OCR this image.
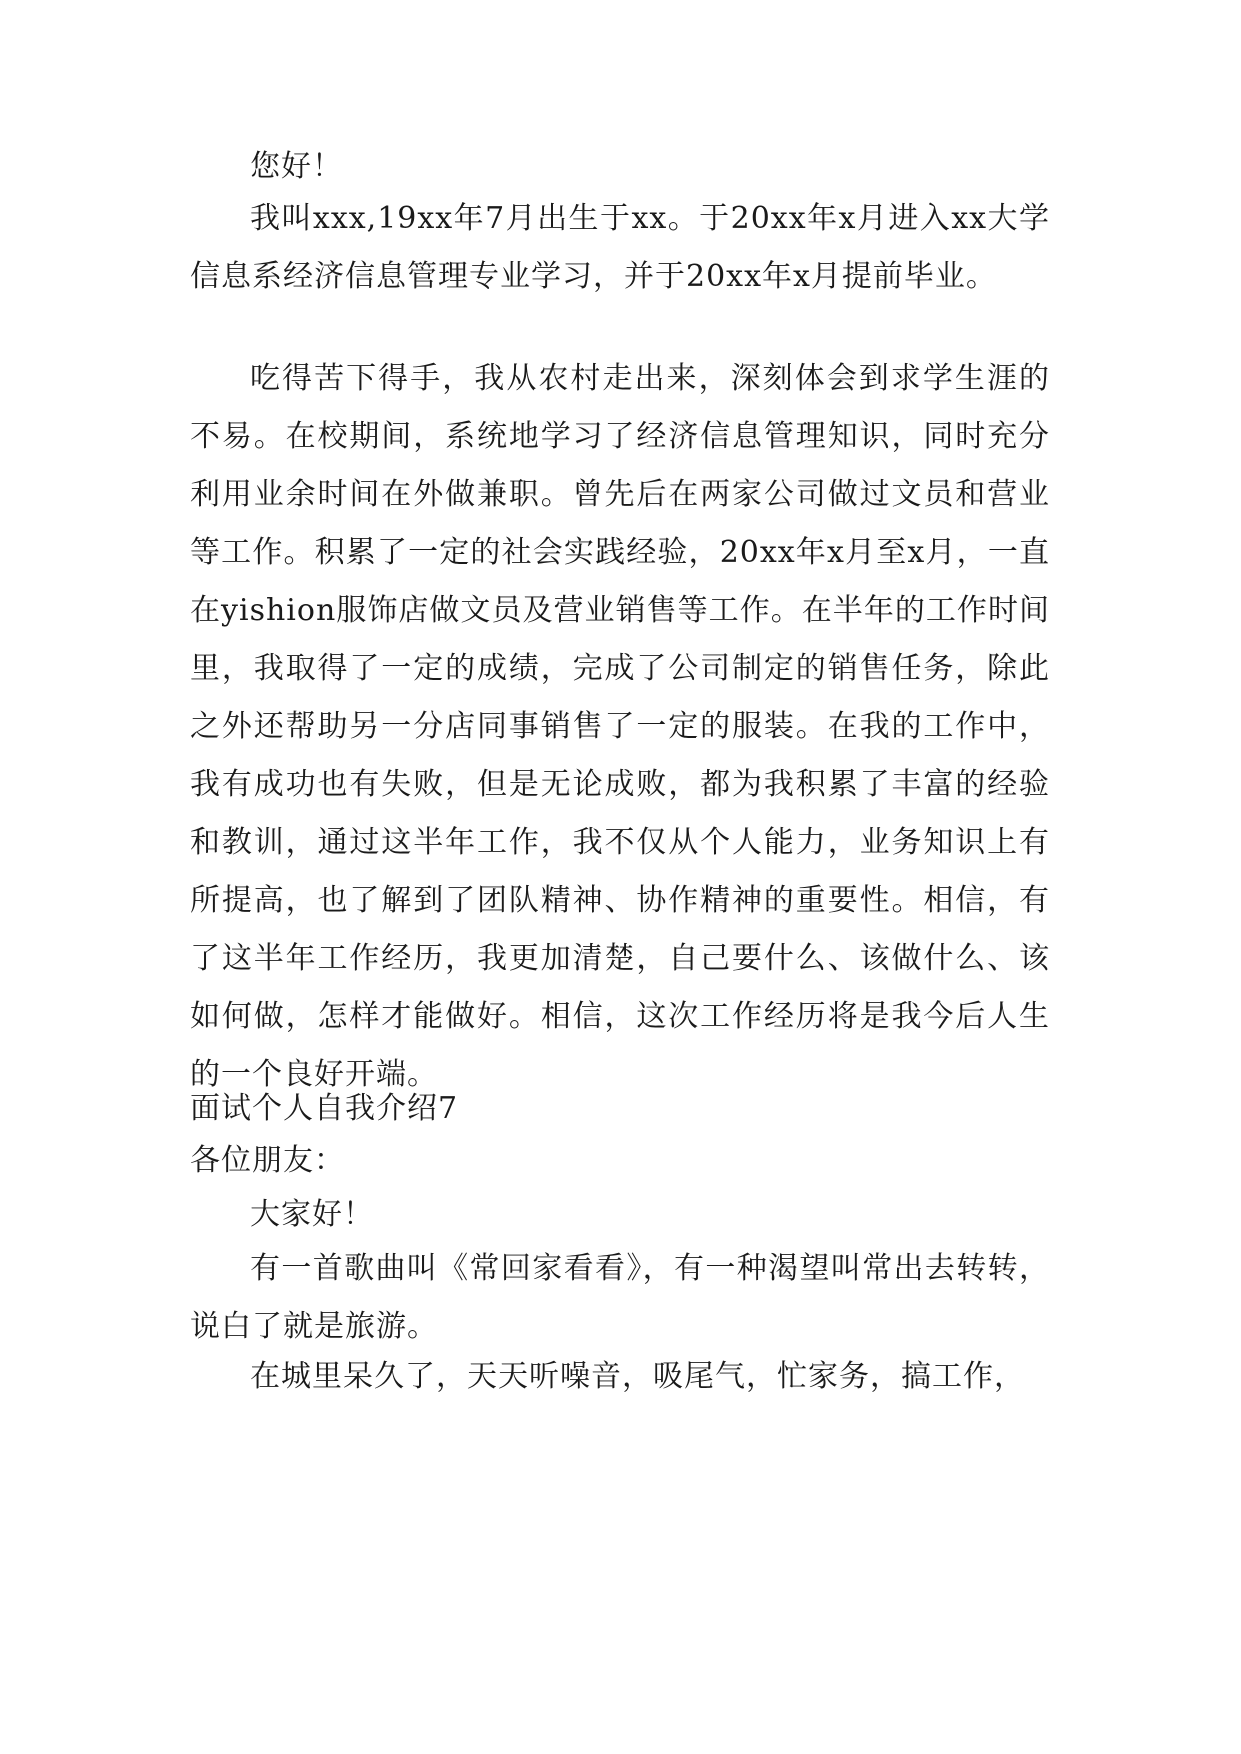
您好！

我叫xxx,19xx年7月出生于xx。于20xx年x月进入xx大学信息系经济信息管理专业学习，并于20xx年x月提前毕业。

吃得苦下得手，我从农村走出来，深刻体会到求学生涯的不易。在校期间，系统地学习了经济信息管理知识，同时充分利用业余时间在外做兼职。曾先后在两家公司做过文员和营业等工作。积累了一定的社会实践经验，20xx年x月至x月，一直在yishion服饰店做文员及营业销售等工作。在半年的工作时间里，我取得了一定的成绩，完成了公司制定的销售任务，除此之外还帮助另一分店同事销售了一定的服装。在我的工作中，我有成功也有失败，但是无论成败，都为我积累了丰富的经验和教训，通过这半年工作，我不仅从个人能力，业务知识上有所提高，也了解到了团队精神、协作精神的重要性。相信，有了这半年工作经历，我更加清楚，自己要什么、该做什么、该如何做，怎样才能做好。相信，这次工作经历将是我今后人生的一个良好开端。

面试个人自我介绍7
各位朋友：

大家好！

有一首歌曲叫《常回家看看》，有一种渴望叫常出去转转，说白了就是旅游。

在城里呆久了，天天听噪音，吸尾气，忙家务，搞工作，
